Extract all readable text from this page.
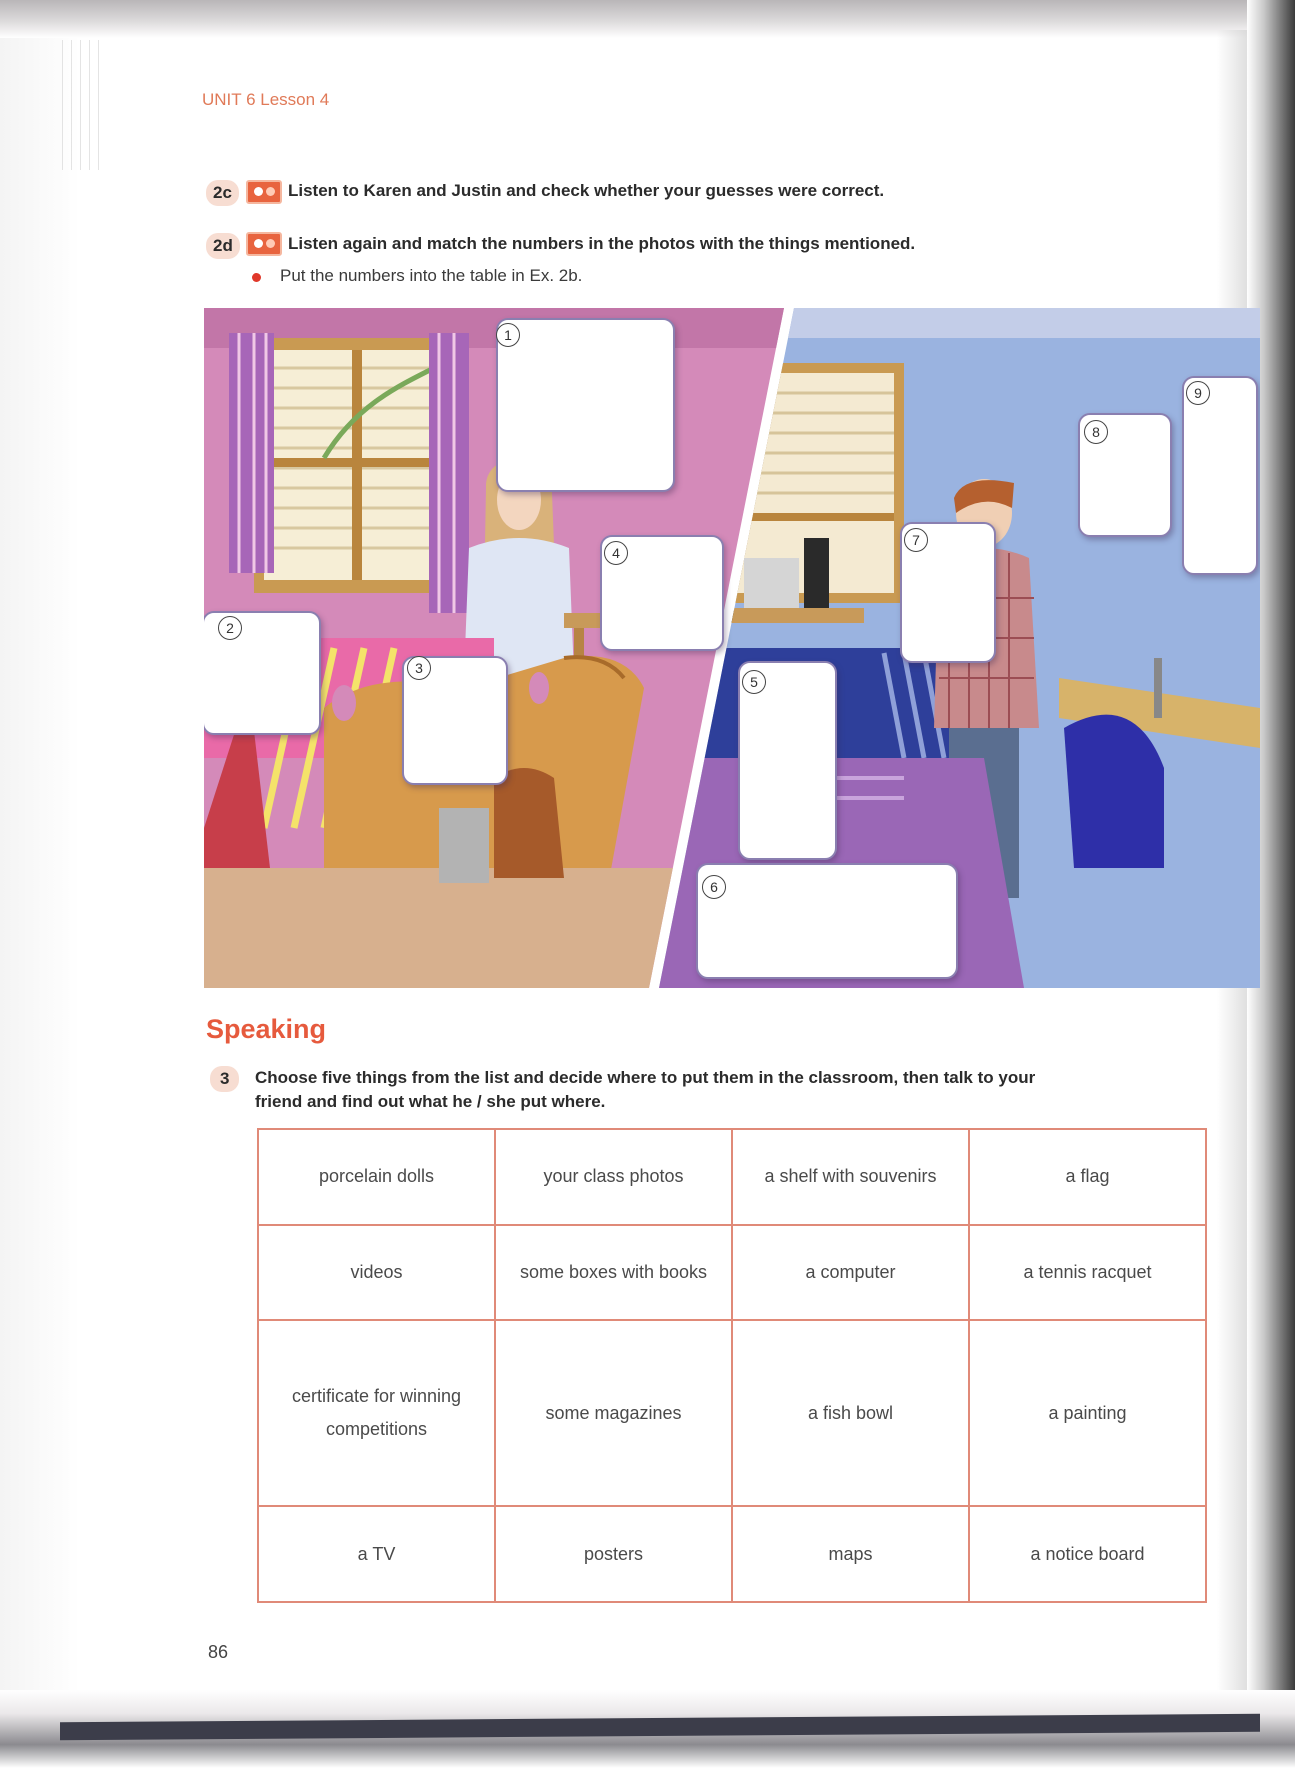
UNIT 6 Lesson 4
2c	Listen to Karen and Justin and check whether your guesses were correct.
2d	Listen again and match the numbers in the photos with the things mentioned.
Put the numbers into the table in Ex. 2b.
1
2
3
4
5
6
7
8
9
Speaking
3	Choose five things from the list and decide where to put them in the classroom, then talk to your friend and find out what he / she put where.
porcelain dolls	your class photos	a shelf with souvenirs	a flag
videos	some boxes with books	a computer	a tennis racquet
certificate for winning competitions	some magazines	a fish bowl	a painting
a TV	posters	maps	a notice board
86
